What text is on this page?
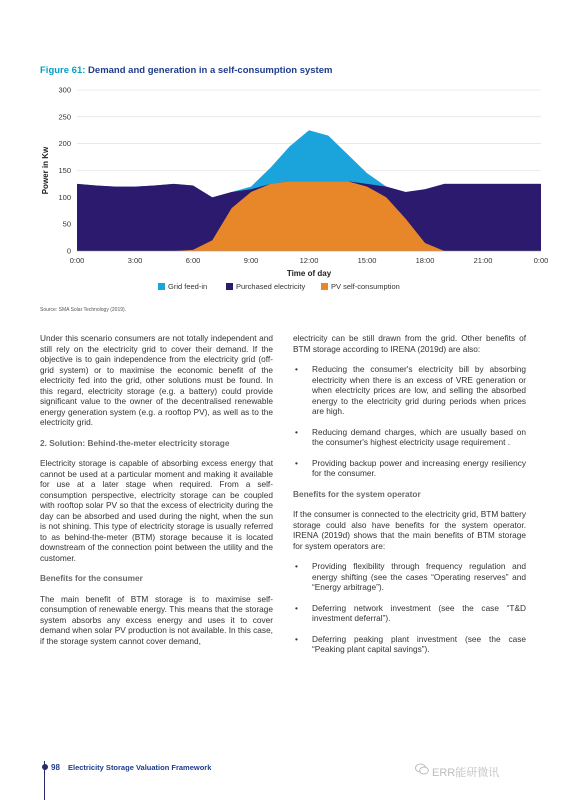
Figure 61: Demand and generation in a self-consumption system
0
50
100
150
200
250
300
0:00	3:00	6:00	9:00	12:00	15:00	18:00	21:00	0:00
Time of day
Power in Kw
Grid feed-in	Purchased electricity	PV self-consumption
Source: SMA Solar Technology (2019).

Under this scenario consumers are not totally independent and still rely on the electricity grid to cover their demand. If the objective is to gain independence from the electricity grid (off-grid system) or to maximise the economic benefit of the electricity fed into the grid, other solutions must be found. In this regard, electricity storage (e.g. a battery) could provide significant value to the owner of the decentralised renewable energy generation system (e.g. a rooftop PV), as well as to the electricity grid.

2. Solution: Behind-the-meter electricity storage

Electricity storage is capable of absorbing excess energy that cannot be used at a particular moment and making it available for use at a later stage when required. From a self-consumption perspective, electricity storage can be coupled with rooftop solar PV so that the excess of electricity during the day can be absorbed and used during the night, when the sun is not shining. This type of electricity storage is usually referred to as behind-the-meter (BTM) storage because it is located downstream of the connection point between the utility and the customer.

Benefits for the consumer

The main benefit of BTM storage is to maximise self-consumption of renewable energy. This means that the storage system absorbs any excess energy and uses it to cover demand when solar PV production is not available. In this case, if the storage system cannot cover demand,

electricity can be still drawn from the grid. Other benefits of BTM storage according to IRENA (2019d) are also:

• Reducing the consumer's electricity bill by absorbing electricity when there is an excess of VRE generation or when electricity prices are low, and selling the absorbed energy to the electricity grid during periods when prices are high.
• Reducing demand charges, which are usually based on the consumer's highest electricity usage requirement .
• Providing backup power and increasing energy resiliency for the consumer.
Benefits for the system operator

If the consumer is connected to the electricity grid, BTM battery storage could also have benefits for the system operator. IRENA (2019d) shows that the main benefits of BTM storage for system operators are:

• Providing flexibility through frequency regulation and energy shifting (see the cases “Operating reserves” and “Energy arbitrage”).
• Deferring network investment (see the case “T&D investment deferral”).
• Deferring peaking plant investment (see the case “Peaking plant capital savings”).
98 Electricity Storage Valuation Framework	ERR能研微讯
